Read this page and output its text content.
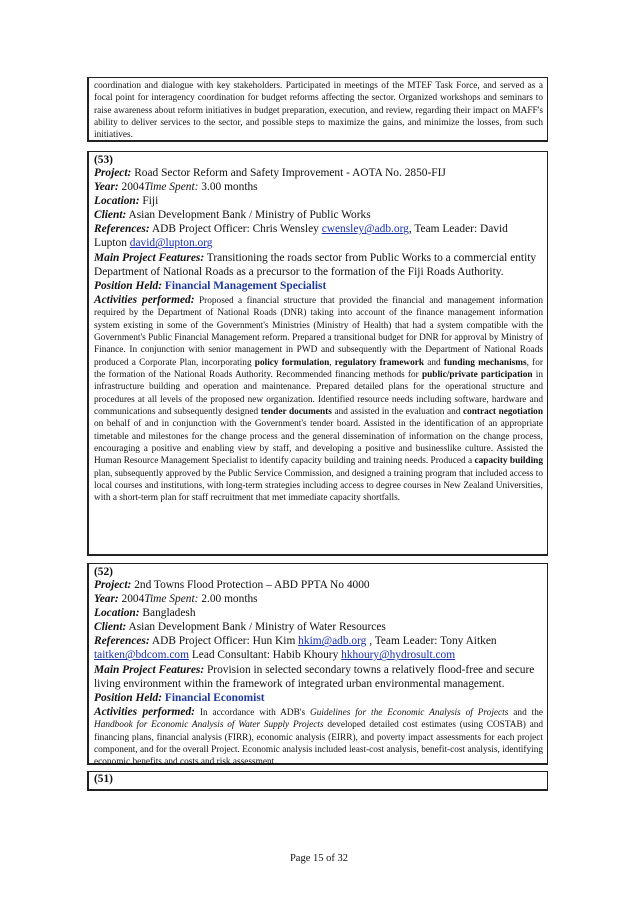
coordination and dialogue with key stakeholders. Participated in meetings of the MTEF Task Force, and served as a focal point for interagency coordination for budget reforms affecting the sector. Organized workshops and seminars to raise awareness about reform initiatives in budget preparation, execution, and review, regarding their impact on MAFF's ability to deliver services to the sector, and possible steps to maximize the gains, and minimize the losses, from such initiatives.
(53)
Project: Road Sector Reform and Safety Improvement - AOTA No. 2850-FIJ
Year: 2004Time Spent: 3.00 months
Location: Fiji
Client: Asian Development Bank / Ministry of Public Works
References: ADB Project Officer: Chris Wensley cwensley@adb.org, Team Leader: David Lupton david@lupton.org
Main Project Features: Transitioning the roads sector from Public Works to a commercial entity Department of National Roads as a precursor to the formation of the Fiji Roads Authority.
Position Held: Financial Management Specialist
Activities performed: Proposed a financial structure that provided the financial and management information required by the Department of National Roads (DNR) taking into account of the finance management information system existing in some of the Government's Ministries (Ministry of Health) that had a system compatible with the Government's Public Financial Management reform. Prepared a transitional budget for DNR for approval by Ministry of Finance. In conjunction with senior management in PWD and subsequently with the Department of National Roads produced a Corporate Plan, incorporating policy formulation, regulatory framework and funding mechanisms, for the formation of the National Roads Authority. Recommended financing methods for public/private participation in infrastructure building and operation and maintenance. Prepared detailed plans for the operational structure and procedures at all levels of the proposed new organization. Identified resource needs including software, hardware and communications and subsequently designed tender documents and assisted in the evaluation and contract negotiation on behalf of and in conjunction with the Government's tender board. Assisted in the identification of an appropriate timetable and milestones for the change process and the general dissemination of information on the change process, encouraging a positive and enabling view by staff, and developing a positive and businesslike culture. Assisted the Human Resource Management Specialist to identify capacity building and training needs. Produced a capacity building plan, subsequently approved by the Public Service Commission, and designed a training program that included access to local courses and institutions, with long-term strategies including access to degree courses in New Zealand Universities, with a short-term plan for staff recruitment that met immediate capacity shortfalls.
(52)
Project: 2nd Towns Flood Protection – ABD PPTA No 4000
Year: 2004Time Spent: 2.00 months
Location: Bangladesh
Client: Asian Development Bank / Ministry of Water Resources
References: ADB Project Officer: Hun Kim hkim@adb.org , Team Leader: Tony Aitken taitken@bdcom.com Lead Consultant: Habib Khoury hkhoury@hydrosult.com
Main Project Features: Provision in selected secondary towns a relatively flood-free and secure living environment within the framework of integrated urban environmental management.
Position Held: Financial Economist
Activities performed: In accordance with ADB's Guidelines for the Economic Analysis of Projects and the Handbook for Economic Analysis of Water Supply Projects developed detailed cost estimates (using COSTAB) and financing plans, financial analysis (FIRR), economic analysis (EIRR), and poverty impact assessments for each project component, and for the overall Project. Economic analysis included least-cost analysis, benefit-cost analysis, identifying economic benefits and costs and risk assessment.
(51)
Page 15 of 32
